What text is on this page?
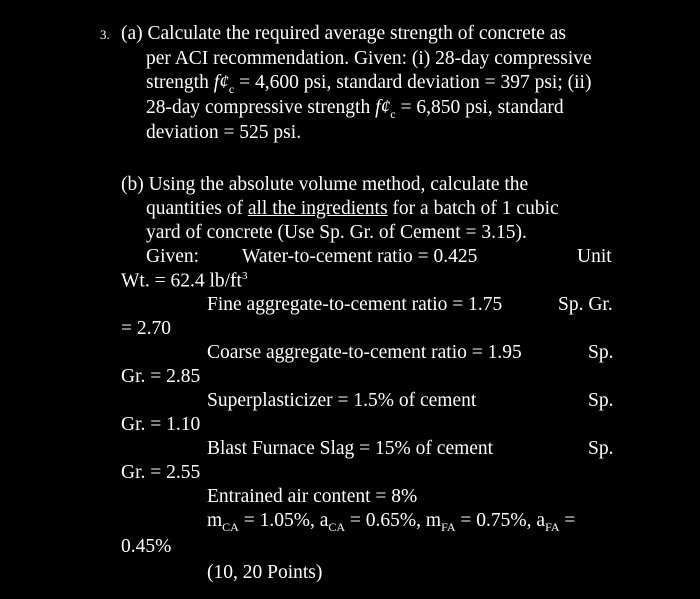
3. (a) Calculate the required average strength of concrete as
per ACI recommendation. Given: (i) 28-day compressive
strength $f¢_c = 4,600$ psi, standard deviation = 397 psi; (ii)
28-day compressive strength $f¢_c = 6,850$ psi, standard
deviation = 525 psi.
(b) Using the absolute volume method, calculate the
quantities of all the ingredients for a batch of 1 cubic
yard of concrete (Use Sp. Gr. of Cement = 3.15).
Given: Water-to-cement ratio = 0.425	Unit
Wt. = 62.4 $lb/ft^3$
Fine aggregate-to-cement ratio = 1.75	Sp. Gr.
= 2.70
Coarse aggregate-to-cement ratio = 1.95	Sp.
Gr. = 2.85
Superplasticizer = 1.5% of cement	Sp.
Gr. = 1.10
Blast Furnace Slag = 15% of cement	Sp.
Gr. = 2.55
Entrained air content = 8%
$m_{CA} = 1.05\%$, $a_{CA} = 0.65\%$, $m_{FA} = 0.75\%$, $a_{FA}$ =
0.45%
(10, 20 Points)
